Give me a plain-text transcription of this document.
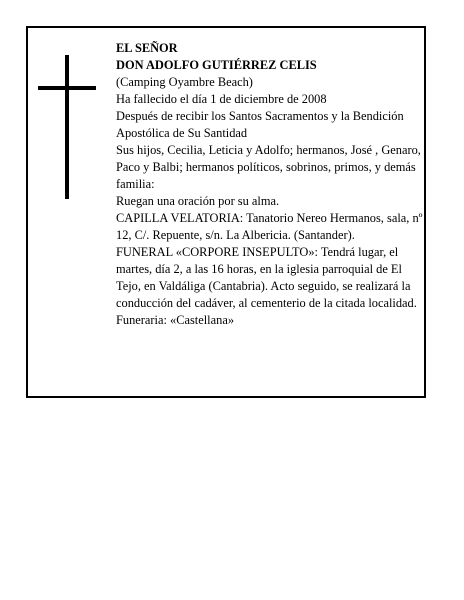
EL SEÑOR

DON ADOLFO GUTIÉRREZ CELIS

(Camping Oyambre Beach)

Ha fallecido el día 1 de diciembre de 2008

Después de recibir los Santos Sacramentos y la Bendición Apostólica de Su Santidad

Sus hijos, Cecilia, Leticia y Adolfo; hermanos, José , Genaro, Paco y Balbi; hermanos políticos, sobrinos, primos, y demás familia:

Ruegan una oración por su alma.

CAPILLA VELATORIA: Tanatorio Nereo Hermanos, sala, nº 12, C/. Repuente, s/n. La Albericia. (Santander).

FUNERAL «CORPORE INSEPULTO»: Tendrá lugar, el martes, día 2, a las 16 horas, en la iglesia parroquial de El Tejo, en Valdáliga (Cantabria). Acto seguido, se realizará la conducción del cadáver, al cementerio de la citada localidad.

Funeraria: «Castellana»
